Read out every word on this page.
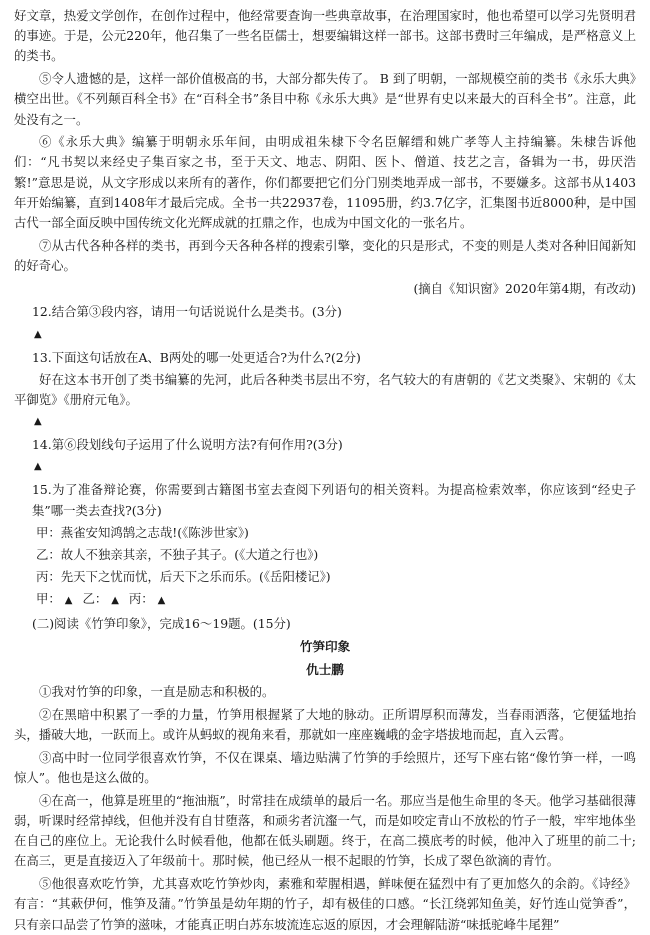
好文章，热爱文学创作，在创作过程中，他经常要查询一些典章故事，在治理国家时，他也希望可以学习先贤明君的事迹。于是，公元220年，他召集了一些名臣儒士，想要编辑这样一部书。这部书费时三年编成，是严格意义上的类书。

⑤令人遗憾的是，这样一部价值极高的书，大部分都失传了。 B 到了明朝，一部规模空前的类书《永乐大典》横空出世。《不列颠百科全书》在“百科全书”条目中称《永乐大典》是“世界有史以来最大的百科全书”。注意，此处没有之一。

⑥《永乐大典》编纂于明朝永乐年间，由明成祖朱棣下令名臣解缙和姚广孝等人主持编纂。朱棣告诉他们：“凡书契以来经史子集百家之书，至于天文、地志、阴阳、医卜、僧道、技艺之言，备辑为一书，毋厌浩繁!”意思是说，从文字形成以来所有的著作，你们都要把它们分门别类地弄成一部书，不要嫌多。这部书从1403年开始编纂，直到1408年才最后完成。全书一共22937卷，11095册，约3.7亿字，汇集图书近8000种，是中国古代一部全面反映中国传统文化光辉成就的扛鼎之作，也成为中国文化的一张名片。

⑦从古代各种各样的类书，再到今天各种各样的搜索引擎，变化的只是形式，不变的则是人类对各种旧闻新知的好奇心。

(摘自《知识窗》2020年第4期，有改动)

12.结合第③段内容，请用一句话说说什么是类书。(3分)

▲

13.下面这句话放在A、B两处的哪一处更适合?为什么?(2分)

好在这本书开创了类书编纂的先河，此后各种类书层出不穷，名气较大的有唐朝的《艺文类聚》、宋朝的《太平御览》《册府元龟》。

▲

14.第⑥段划线句子运用了什么说明方法?有何作用?(3分)

▲

15.为了准备辩论赛，你需要到古籍图书室去查阅下列语句的相关资料。为提高检索效率，你应该到“经史子集”哪一类去查找?(3分)

甲：燕雀安知鸿鹄之志哉!(《陈涉世家》)

乙：故人不独亲其亲，不独子其子。(《大道之行也》)

丙：先天下之忧而忧，后天下之乐而乐。(《岳阳楼记》)

甲： ▲ 乙： ▲ 丙： ▲

(二)阅读《竹笋印象》，完成16～19题。(15分)

竹笋印象

仇士鹏

①我对竹笋的印象，一直是励志和积极的。

②在黑暗中积累了一季的力量，竹笋用根握紧了大地的脉动。正所谓厚积而薄发，当春雨洒落，它便猛地抬头，播破大地，一跃而上。或许从蚂蚁的视角来看，那就如一座座巍峨的金字塔拔地而起，直入云霄。

③高中时一位同学很喜欢竹笋，不仅在课桌、墙边贴满了竹笋的手绘照片，还写下座右铭“像竹笋一样，一鸣惊人”。他也是这么做的。

④在高一，他算是班里的“拖油瓶”，时常挂在成绩单的最后一名。那应当是他生命里的冬天。他学习基础很薄弱，听课时经常掉线，但他并没有自甘堕落，和顽劣者沆瀣一气，而是如咬定青山不放松的竹子一般，牢牢地体坐在自己的座位上。无论我什么时候看他，他都在低头刷题。终于，在高二摸底考的时候，他冲入了班里的前二十;在高三，更是直接迈入了年级前十。那时候，他已经从一根不起眼的竹笋，长成了翠色欲滴的青竹。

⑤他很喜欢吃竹笋，尤其喜欢吃竹笋炒肉，素雅和荤腥相遇，鲜味便在猛烈中有了更加悠久的余韵。《诗经》有言：“其蔌伊何，惟笋及蒲。”竹笋虽是幼年期的竹子，却有极佳的口感。“长江绕郭知鱼美，好竹连山觉笋香”，只有亲口品尝了竹笋的滋味，才能真正明白苏东坡流连忘返的原因，才会理解陆游“味抵驼峰牛尾狸”
